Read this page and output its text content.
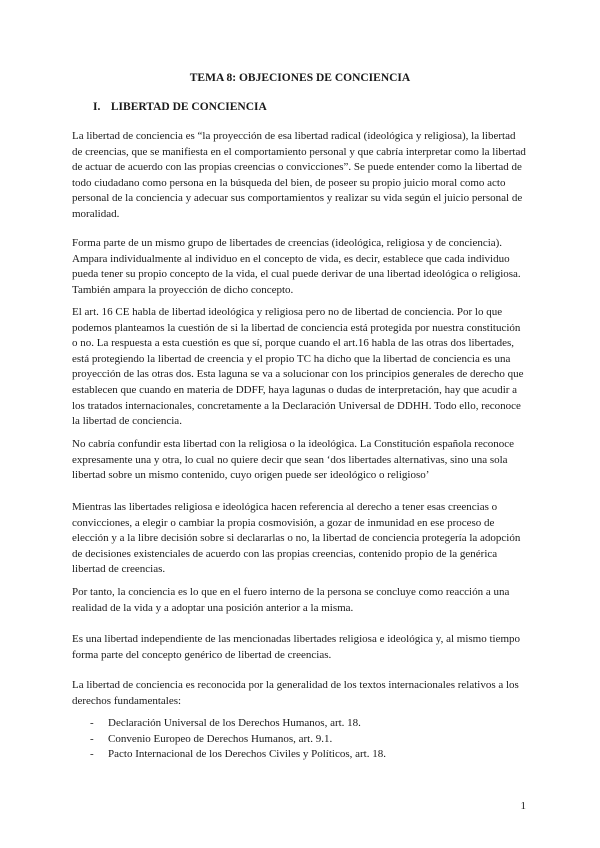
TEMA 8: OBJECIONES DE CONCIENCIA
I. LIBERTAD DE CONCIENCIA

La libertad de conciencia es “la proyección de esa libertad radical (ideológica y religiosa), la libertad de creencias, que se manifiesta en el comportamiento personal y que cabría interpretar como la libertad de actuar de acuerdo con las propias creencias o convicciones”. Se puede entender como la libertad de todo ciudadano como persona en la búsqueda del bien, de poseer su propio juicio moral como acto personal de la conciencia y adecuar sus comportamientos y realizar su vida según el juicio personal de moralidad.

Forma parte de un mismo grupo de libertades de creencias (ideológica, religiosa y de conciencia). Ampara individualmente al individuo en el concepto de vida, es decir, establece que cada individuo pueda tener su propio concepto de la vida, el cual puede derivar de una libertad ideológica o religiosa. También ampara la proyección de dicho concepto.

El art. 16 CE habla de libertad ideológica y religiosa pero no de libertad de conciencia. Por lo que podemos planteamos la cuestión de si la libertad de conciencia está protegida por nuestra constitución o no. La respuesta a esta cuestión es que sí, porque cuando el art.16 habla de las otras dos libertades, está protegiendo la libertad de creencia y el propio TC ha dicho que la libertad de conciencia es una proyección de las otras dos. Esta laguna se va a solucionar con los principios generales de derecho que establecen que cuando en materia de DDFF, haya lagunas o dudas de interpretación, hay que acudir a los tratados internacionales, concretamente a la Declaración Universal de DDHH. Todo ello, reconoce la libertad de conciencia.

No cabría confundir esta libertad con la religiosa o la ideológica. La Constitución española reconoce expresamente una y otra, lo cual no quiere decir que sean ‘dos libertades alternativas, sino una sola libertad sobre un mismo contenido, cuyo origen puede ser ideológico o religioso’

Mientras las libertades religiosa e ideológica hacen referencia al derecho a tener esas creencias o convicciones, a elegir o cambiar la propia cosmovisión, a gozar de inmunidad en ese proceso de elección y a la libre decisión sobre si declararlas o no, la libertad de conciencia protegería la adopción de decisiones existenciales de acuerdo con las propias creencias, contenido propio de la genérica libertad de creencias.

Por tanto, la conciencia es lo que en el fuero interno de la persona se concluye como reacción a una realidad de la vida y a adoptar una posición anterior a la misma.

Es una libertad independiente de las mencionadas libertades religiosa e ideológica y, al mismo tiempo forma parte del concepto genérico de libertad de creencias.

La libertad de conciencia es reconocida por la generalidad de los textos internacionales relativos a los derechos fundamentales:

- Declaración Universal de los Derechos Humanos, art. 18.
- Convenio Europeo de Derechos Humanos, art. 9.1.
- Pacto Internacional de los Derechos Civiles y Políticos, art. 18.
1
